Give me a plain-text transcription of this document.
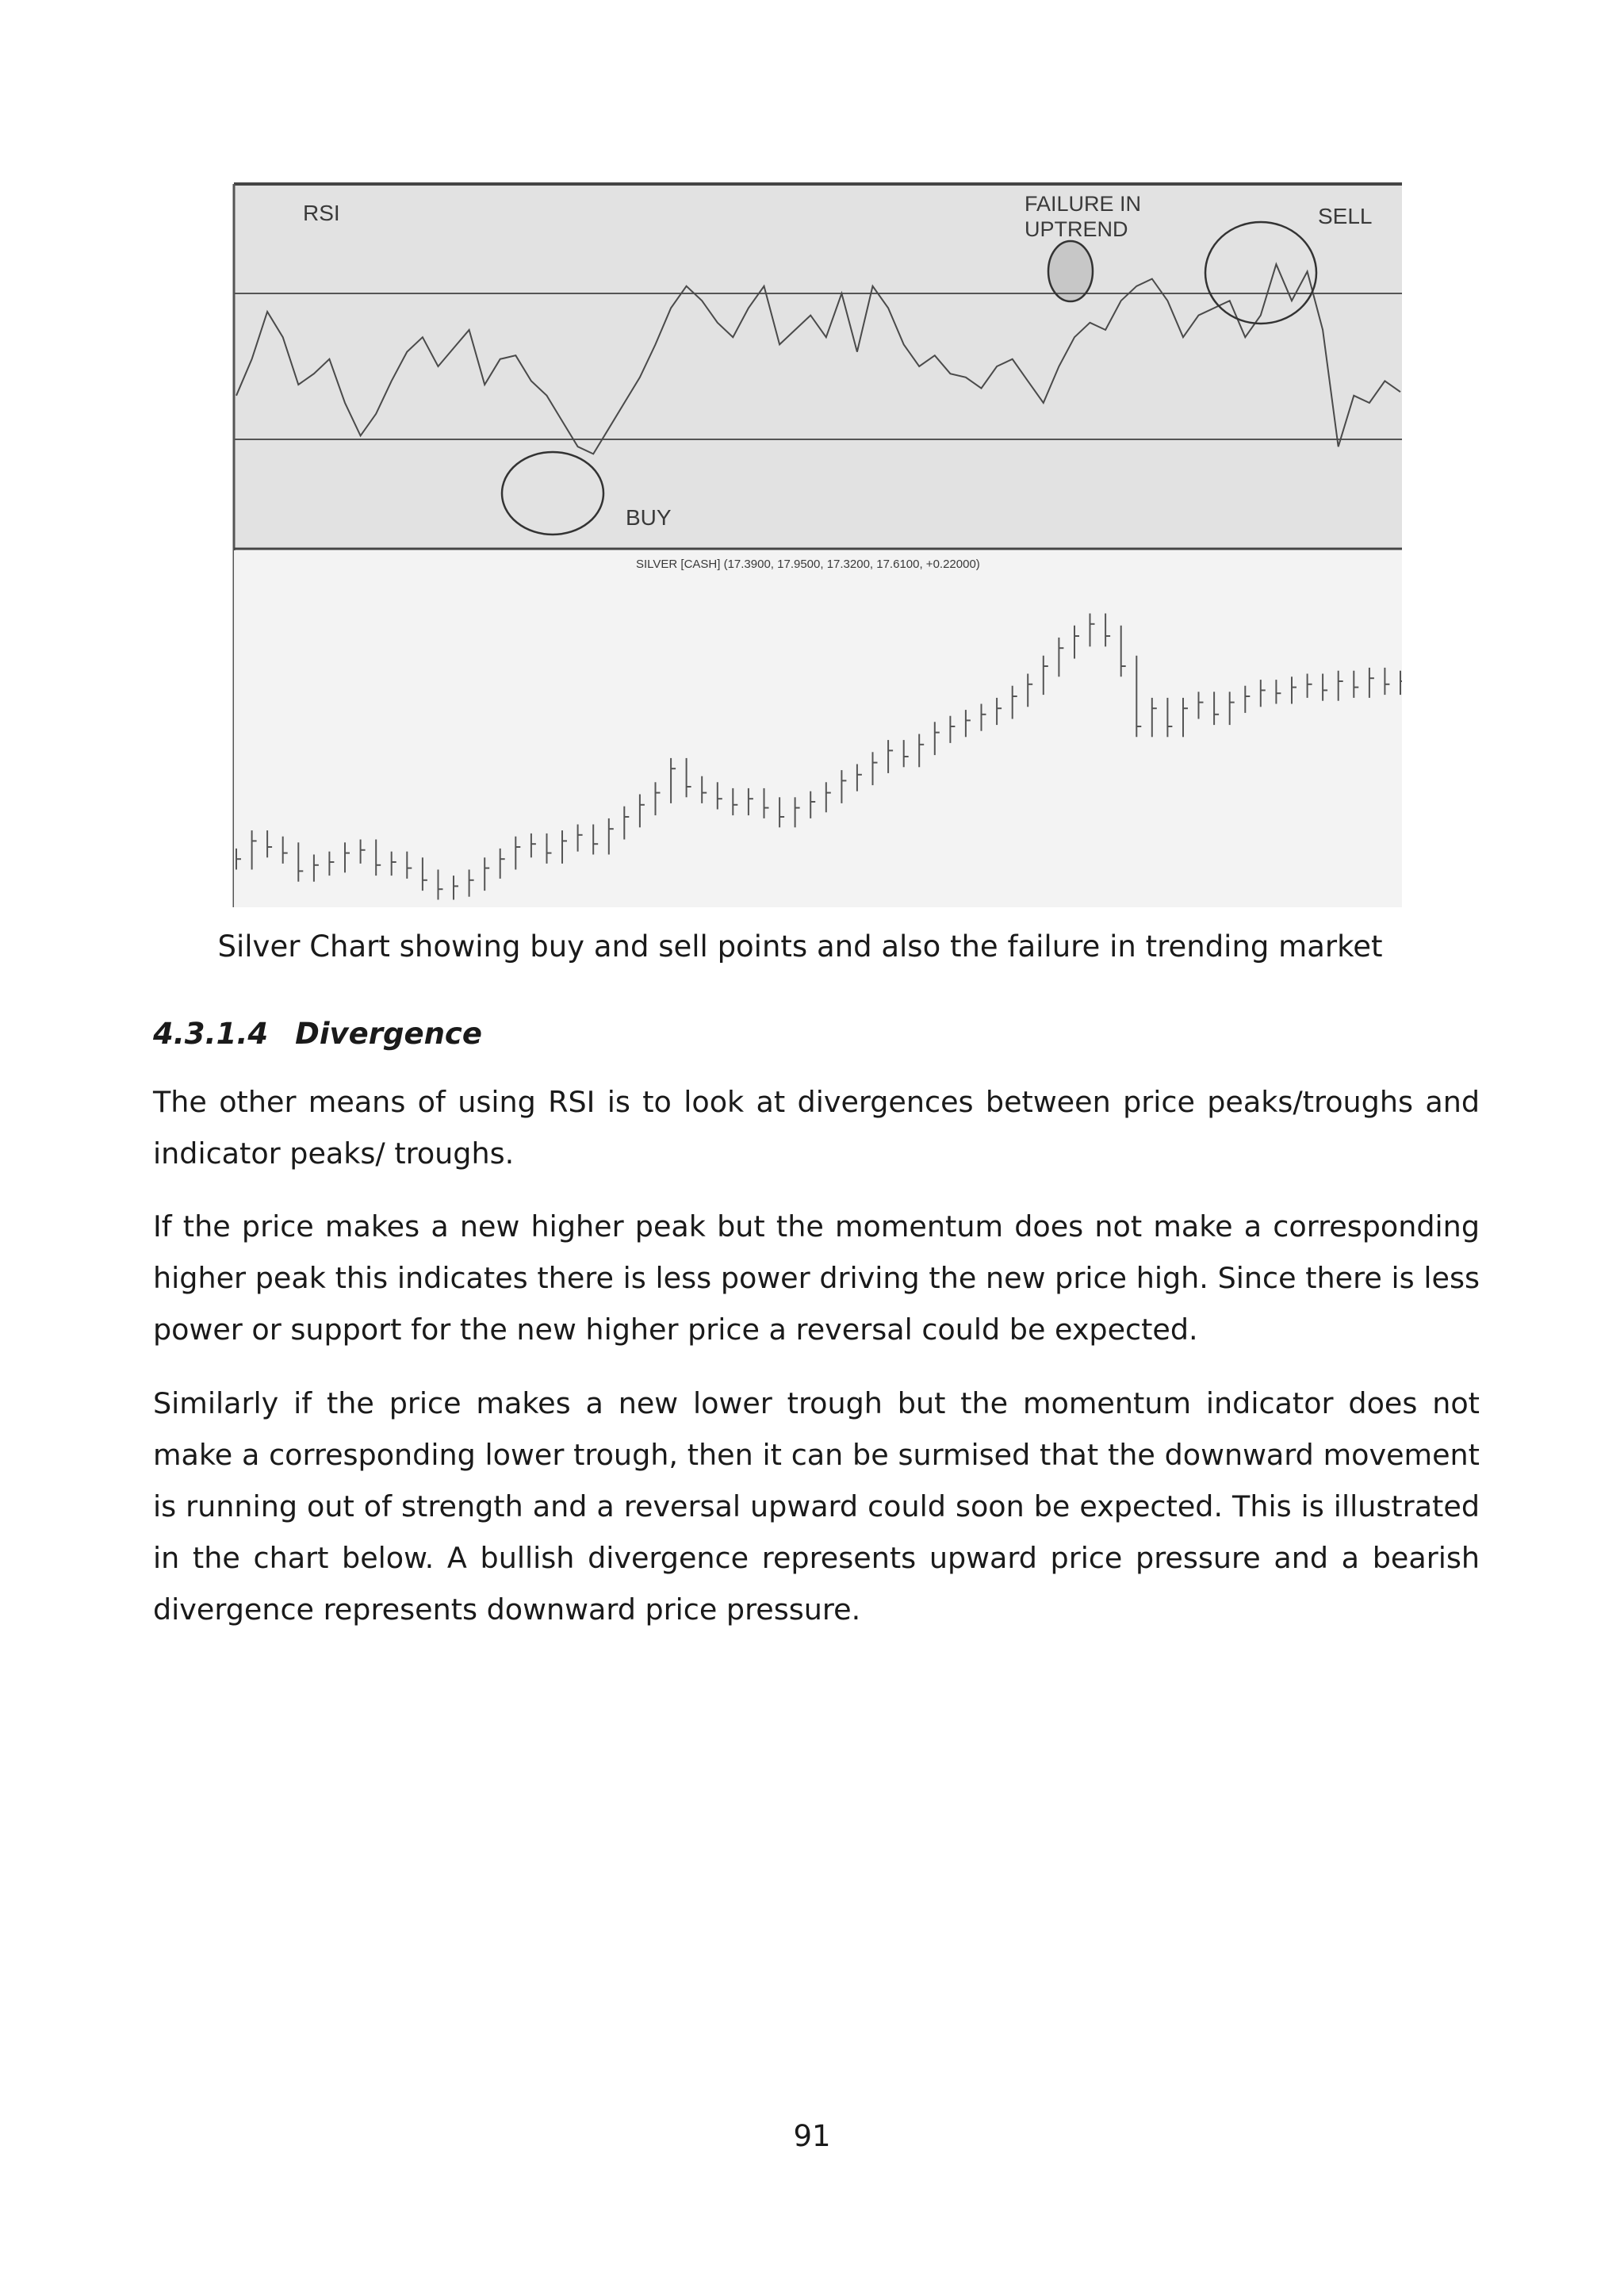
RSI
BUY
FAILURE IN
UPTREND
SELL
SILVER [CASH] (17.3900, 17.9500, 17.3200, 17.6100, +0.22000)
Silver Chart showing buy and sell points and also the failure in trending market
4.3.1.4 Divergence

The other means of using RSI is to look at divergences between price peaks/troughs and indicator peaks/ troughs.

If the price makes a new higher peak but the momentum does not make a corresponding higher peak this indicates there is less power driving the new price high. Since there is less power or support for the new higher price a reversal could be expected.

Similarly if the price makes a new lower trough but the momentum indicator does not make a corresponding lower trough, then it can be surmised that the downward movement is running out of strength and a reversal upward could soon be expected. This is illustrated in the chart below. A bullish divergence represents upward price pressure and a bearish divergence represents downward price pressure.

91
